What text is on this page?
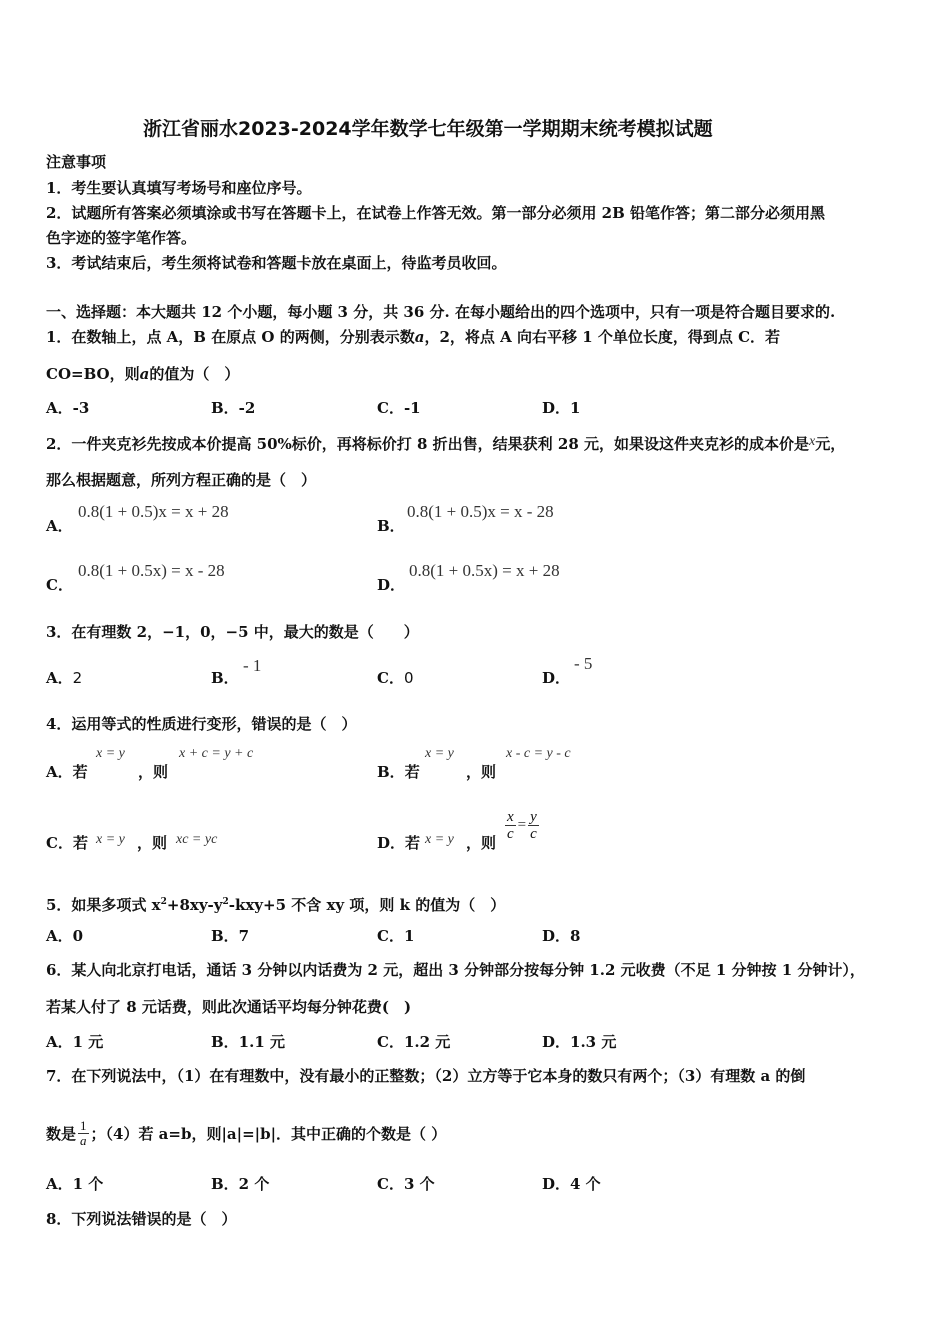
浙江省丽水2023-2024学年数学七年级第一学期期末统考模拟试题
注意事项
1．考生要认真填写考场号和座位序号。
2．试题所有答案必须填涂或书写在答题卡上，在试卷上作答无效。第一部分必须用 2B 铅笔作答；第二部分必须用黑
色字迹的签字笔作答。
3．考试结束后，考生须将试卷和答题卡放在桌面上，待监考员收回。
一、选择题：本大题共 12 个小题，每小题 3 分，共 36 分. 在每小题给出的四个选项中，只有一项是符合题目要求的.
1．在数轴上，点 A，B 在原点 O 的两侧，分别表示数a，2，将点 A 向右平移 1 个单位长度，得到点 C．若
CO=BO，则a的值为（　）
A．-3	B．-2	C．-1	D．1
2．一件夹克衫先按成本价提高 50%标价，再将标价打 8 折出售，结果获利 28 元，如果设这件夹克衫的成本价是x元，
那么根据题意，所列方程正确的是（　）
A．
0.8(1 + 0.5)x = x + 28
B．
0.8(1 + 0.5)x = x - 28
C．
0.8(1 + 0.5x) = x - 28
D．
0.8(1 + 0.5x) = x + 28
3．在有理数 2，−1，0，−5 中，最大的数是（　　）
A．2	B．
- 1
C．0	D．
- 5
4．运用等式的性质进行变形，错误的是（　）
A．若
x = y
，则
x + c = y + c
B．若
x = y
，则
x - c = y - c
C．若 x = y ，则 xc = yc	D．若 x = y ，则
$\frac{x}{c} = \frac{y}{c}$
5．如果多项式 $x^2+8xy-y^2-kxy+5$ 不含 xy 项，则 k 的值为（　）
A．0	B．7	C．1	D．8
6．某人向北京打电话，通话 3 分钟以内话费为 2 元，超出 3 分钟部分按每分钟 1.2 元收费（不足 1 分钟按 1 分钟计），
若某人付了 8 元话费，则此次通话平均每分钟花费(　)
A．1 元	B．1.1 元	C．1.2 元	D．1.3 元
7．在下列说法中，（1）在有理数中，没有最小的正整数；（2）立方等于它本身的数只有两个；（3）有理数 a 的倒
数是 $\frac{1}{a}$ ；（4）若 a=b，则|a|=|b|．其中正确的个数是（ ）
A．1 个	B．2 个	C．3 个	D．4 个
8．下列说法错误的是（　）
